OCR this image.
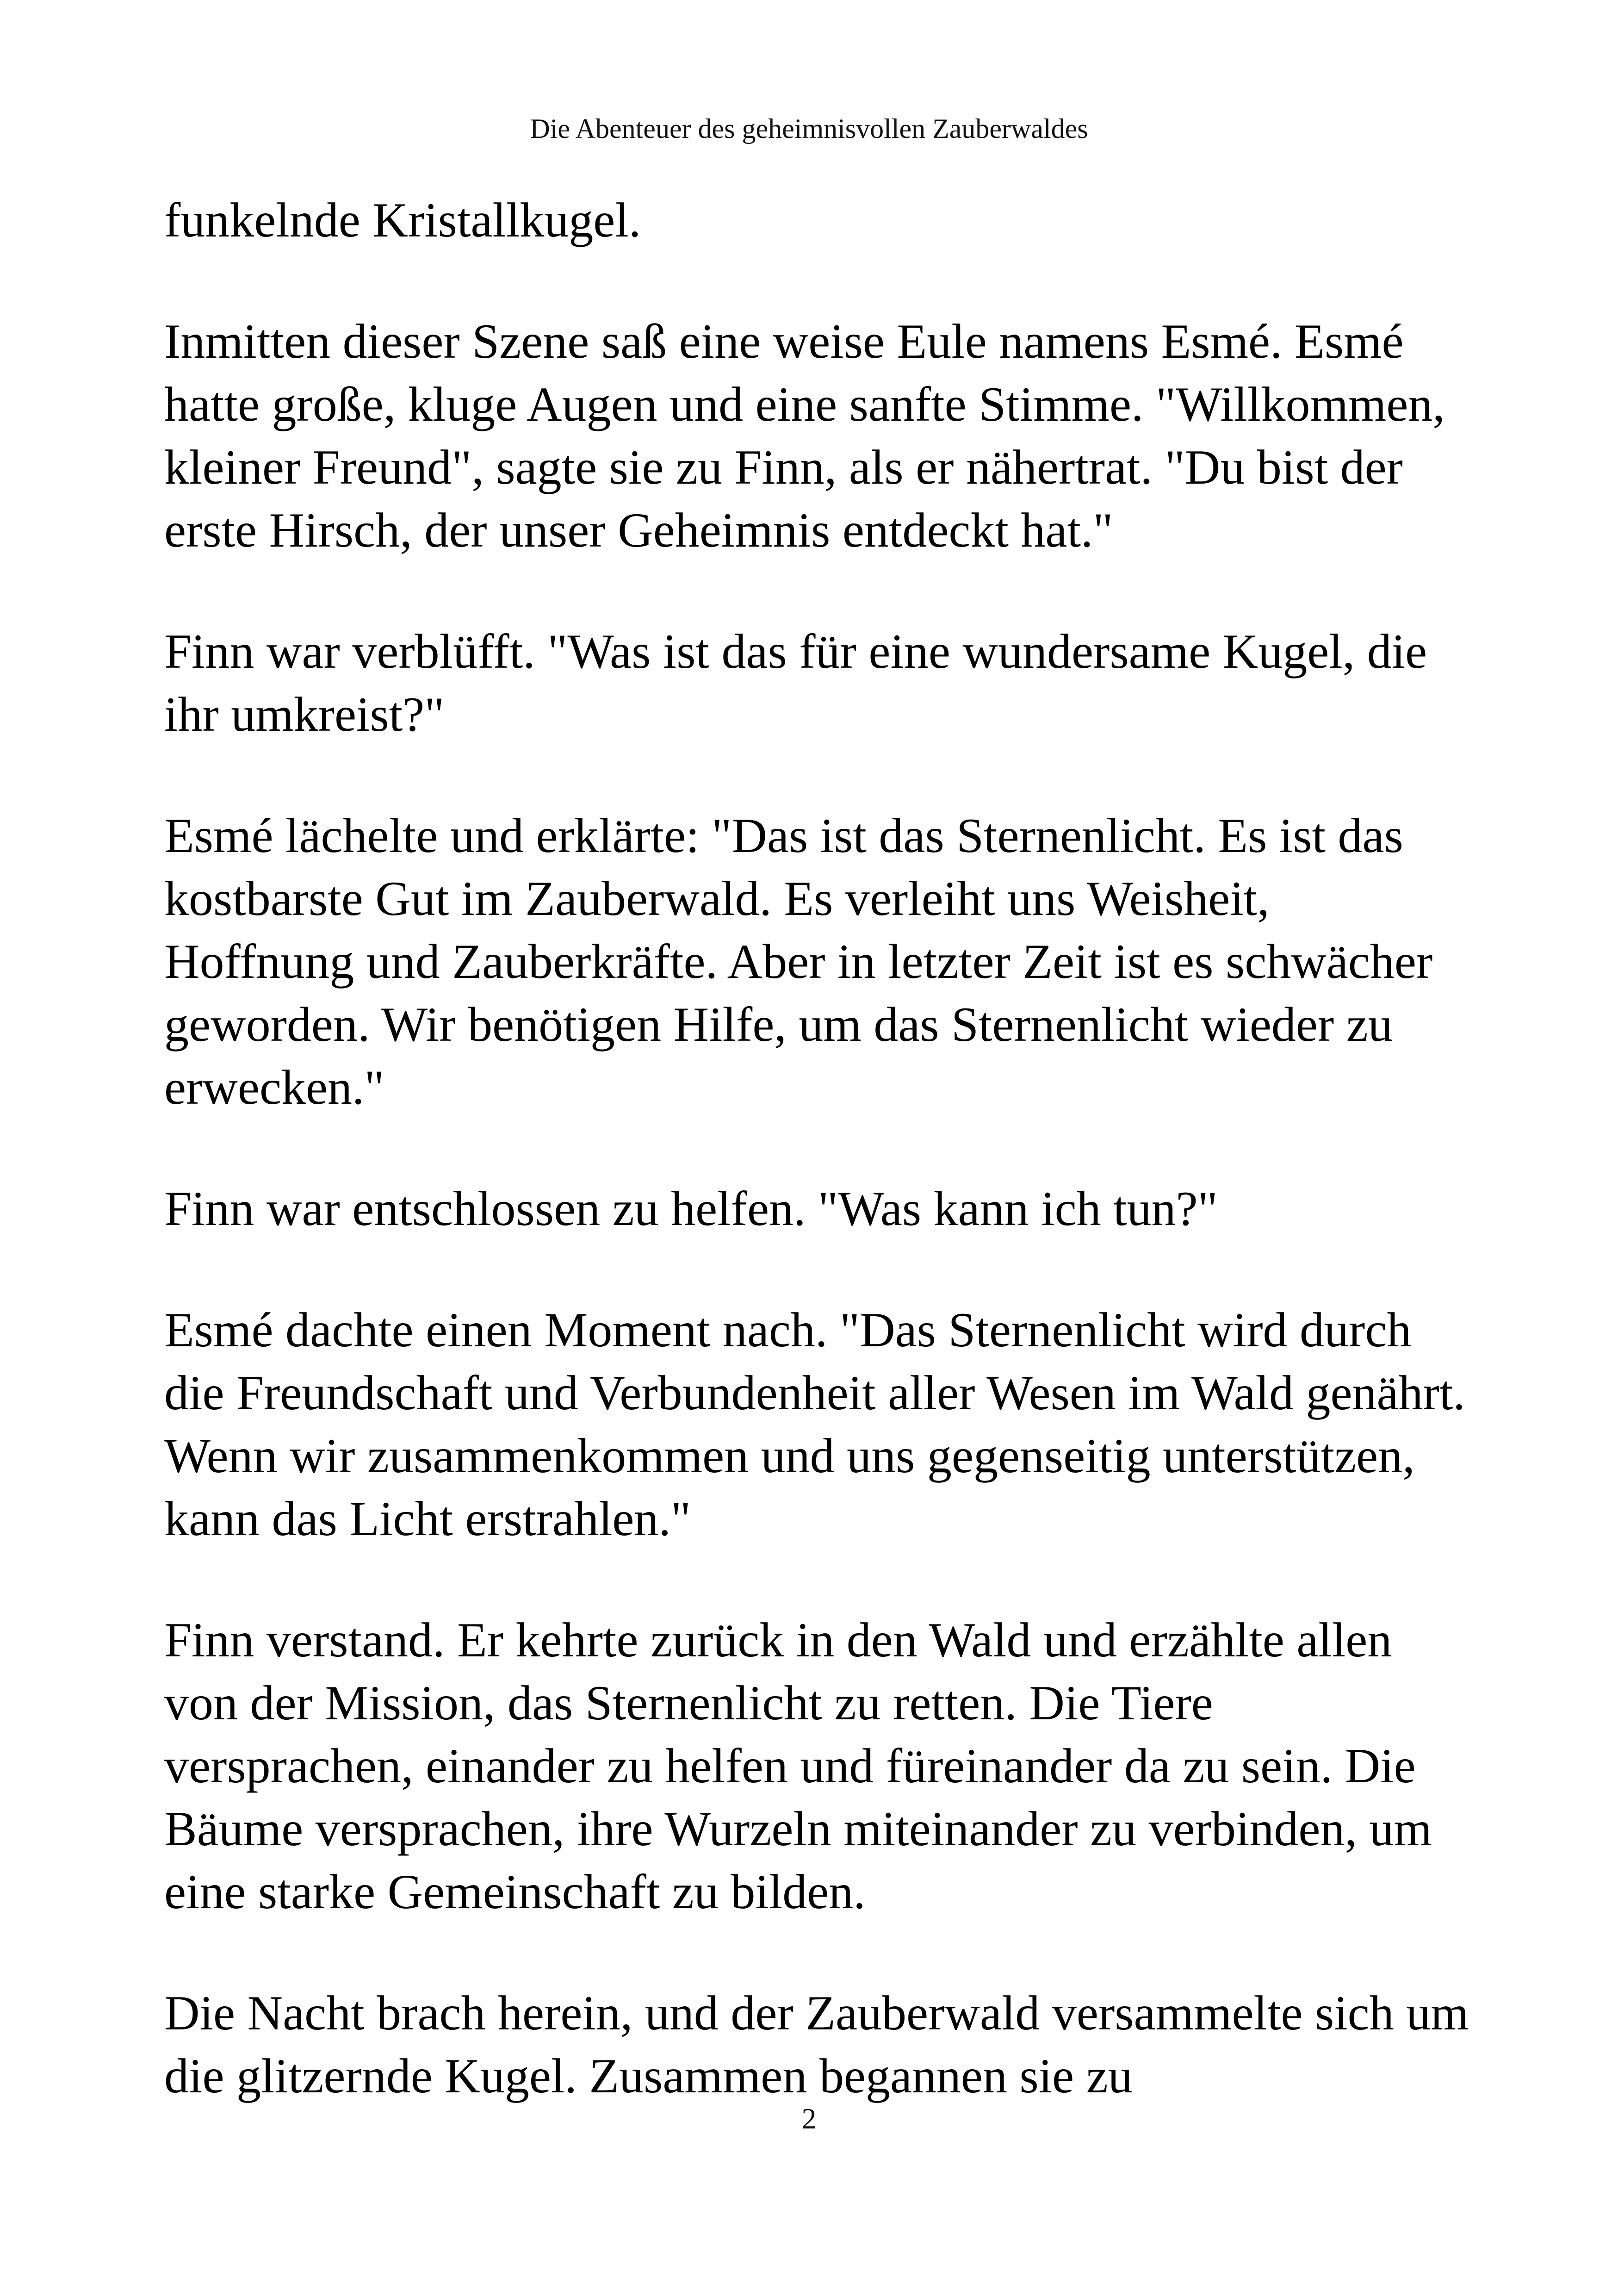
Die Abenteuer des geheimnisvollen Zauberwaldes

funkelnde Kristallkugel.

Inmitten dieser Szene saß eine weise Eule namens Esmé. Esmé hatte große, kluge Augen und eine sanfte Stimme. "Willkommen, kleiner Freund", sagte sie zu Finn, als er nähertrat. "Du bist der erste Hirsch, der unser Geheimnis entdeckt hat."

Finn war verblüfft. "Was ist das für eine wundersame Kugel, die ihr umkreist?"

Esmé lächelte und erklärte: "Das ist das Sternenlicht. Es ist das kostbarste Gut im Zauberwald. Es verleiht uns Weisheit, Hoffnung und Zauberkräfte. Aber in letzter Zeit ist es schwächer geworden. Wir benötigen Hilfe, um das Sternenlicht wieder zu erwecken."

Finn war entschlossen zu helfen. "Was kann ich tun?"

Esmé dachte einen Moment nach. "Das Sternenlicht wird durch die Freundschaft und Verbundenheit aller Wesen im Wald genährt. Wenn wir zusammenkommen und uns gegenseitig unterstützen, kann das Licht erstrahlen."

Finn verstand. Er kehrte zurück in den Wald und erzählte allen von der Mission, das Sternenlicht zu retten. Die Tiere versprachen, einander zu helfen und füreinander da zu sein. Die Bäume versprachen, ihre Wurzeln miteinander zu verbinden, um eine starke Gemeinschaft zu bilden.

Die Nacht brach herein, und der Zauberwald versammelte sich um die glitzernde Kugel. Zusammen begannen sie zu

2
